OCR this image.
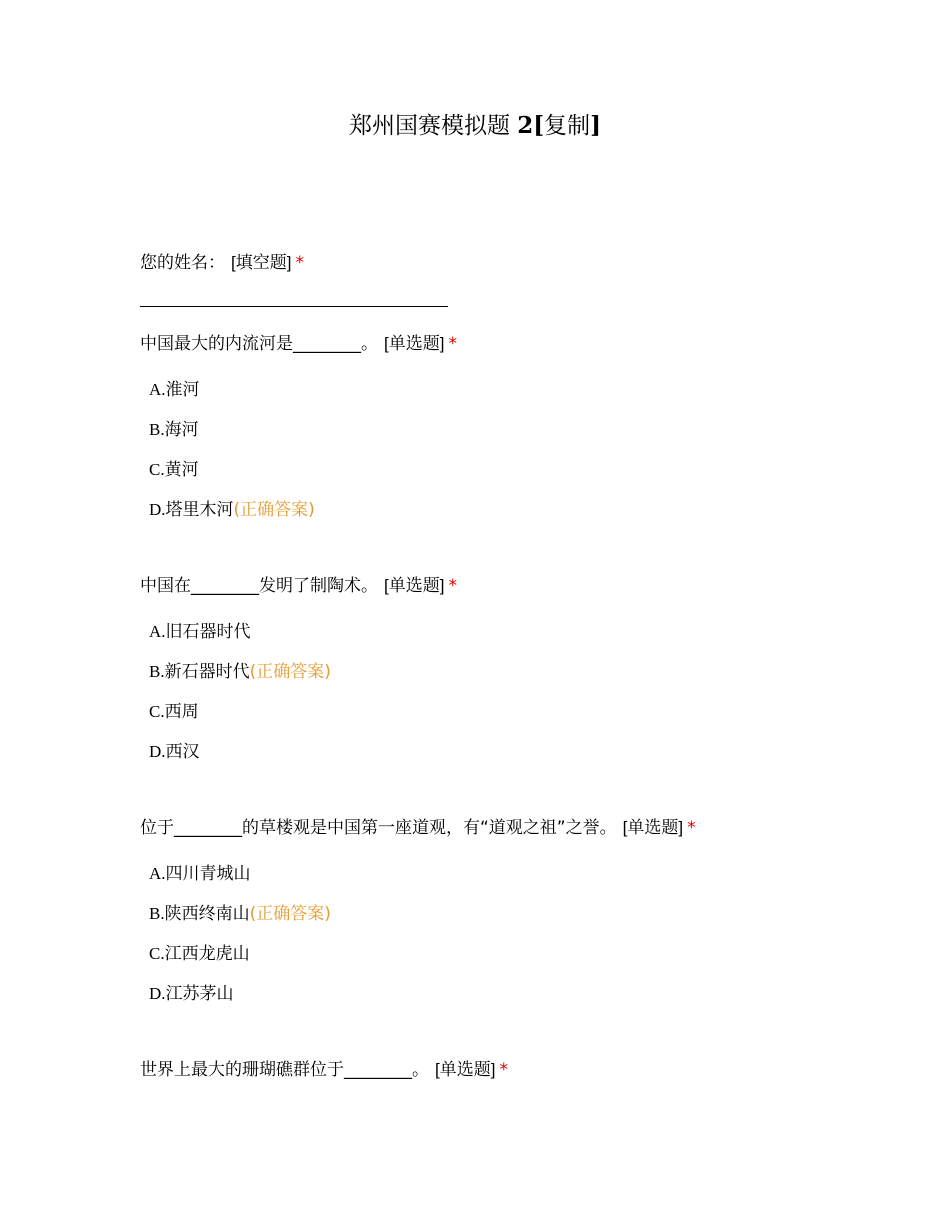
郑州国赛模拟题 2[复制]
您的姓名： [填空题] *
中国最大的内流河是________。 [单选题] *
A.淮河
B.海河
C.黄河
D.塔里木河(正确答案)
中国在________发明了制陶术。 [单选题] *
A.旧石器时代
B.新石器时代(正确答案)
C.西周
D.西汉
位于________的草楼观是中国第一座道观，有“道观之祖”之誉。 [单选题] *
A.四川青城山
B.陕西终南山(正确答案)
C.江西龙虎山
D.江苏茅山
世界上最大的珊瑚礁群位于________。 [单选题] *
